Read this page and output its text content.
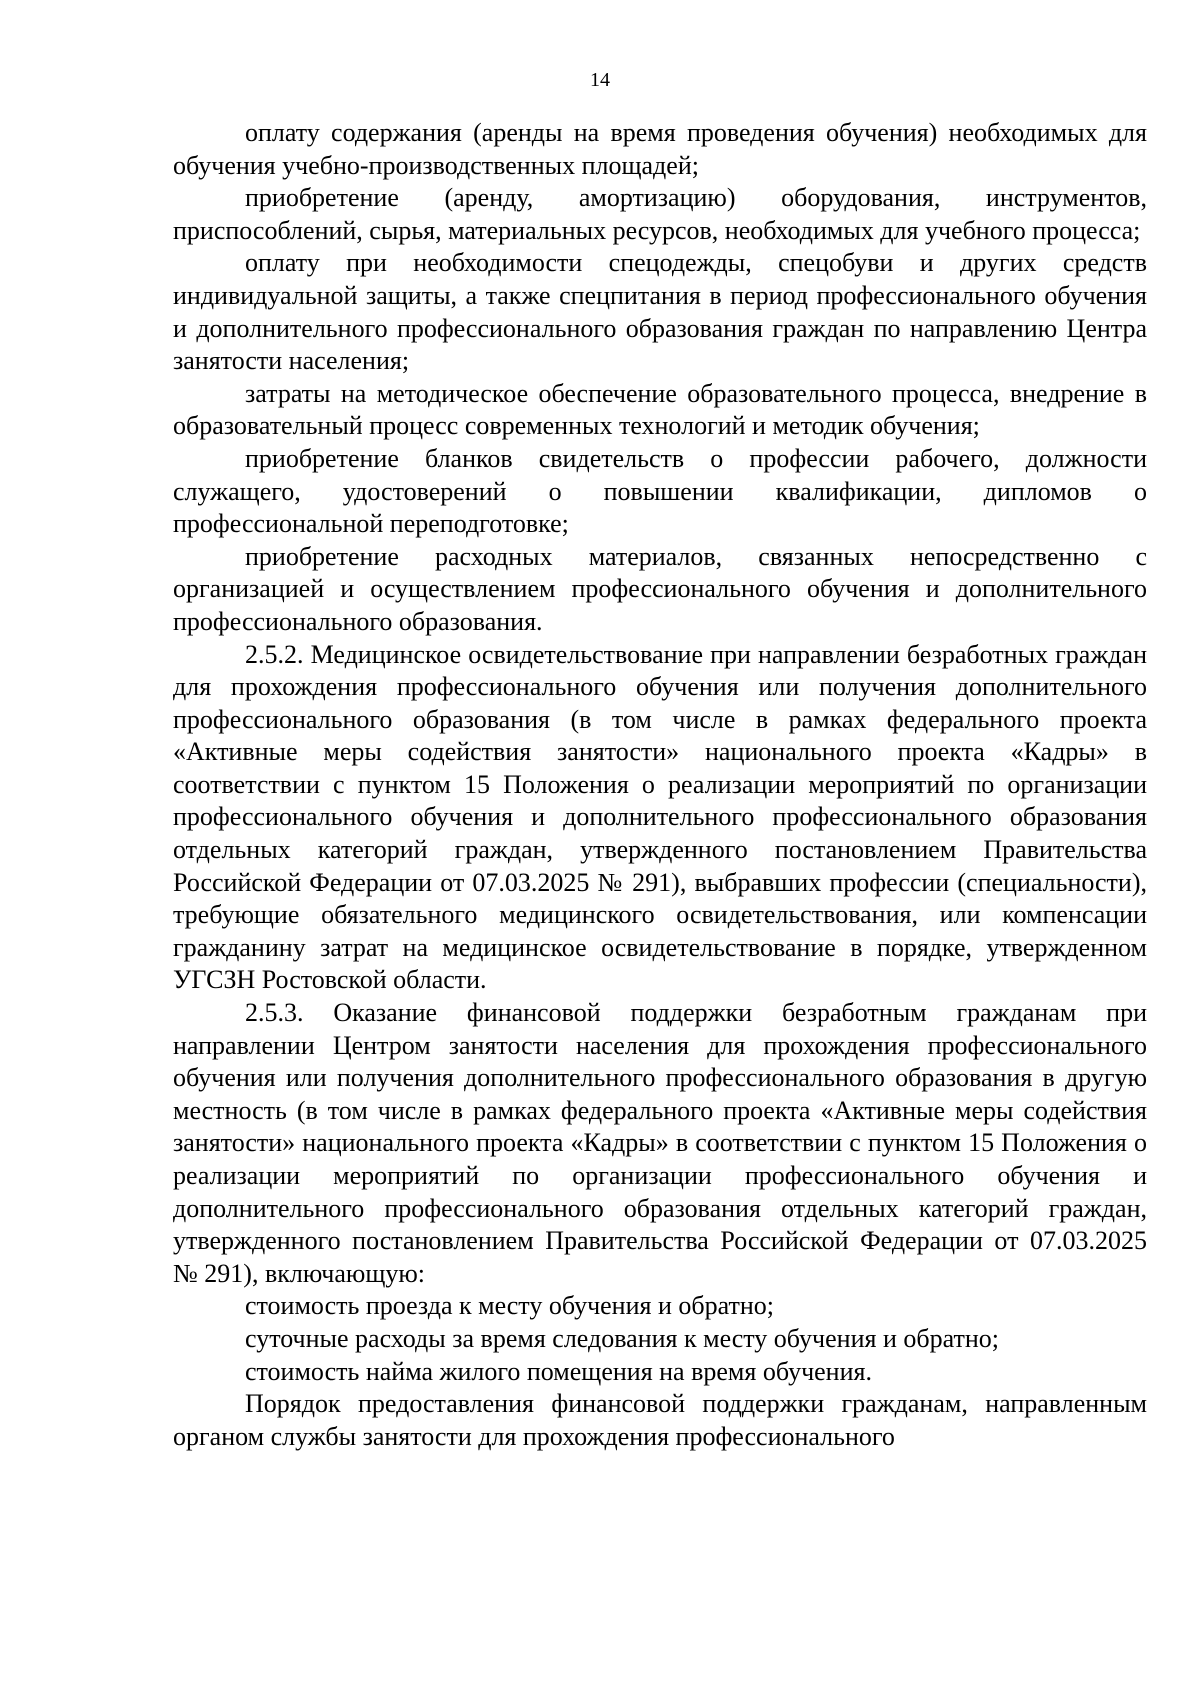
14

оплату содержания (аренды на время проведения обучения) необходимых для обучения учебно-производственных площадей;

приобретение (аренду, амортизацию) оборудования, инструментов, приспособлений, сырья, материальных ресурсов, необходимых для учебного процесса;

оплату при необходимости спецодежды, спецобуви и других средств индивидуальной защиты, а также спецпитания в период профессионального обучения и дополнительного профессионального образования граждан по направлению Центра занятости населения;

затраты на методическое обеспечение образовательного процесса, внедрение в образовательный процесс современных технологий и методик обучения;

приобретение бланков свидетельств о профессии рабочего, должности служащего, удостоверений о повышении квалификации, дипломов о профессиональной переподготовке;

приобретение расходных материалов, связанных непосредственно с организацией и осуществлением профессионального обучения и дополнительного профессионального образования.

2.5.2. Медицинское освидетельствование при направлении безработных граждан для прохождения профессионального обучения или получения дополнительного профессионального образования (в том числе в рамках федерального проекта «Активные меры содействия занятости» национального проекта «Кадры» в соответствии с пунктом 15 Положения о реализации мероприятий по организации профессионального обучения и дополнительного профессионального образования отдельных категорий граждан, утвержденного постановлением Правительства Российской Федерации от 07.03.2025 № 291), выбравших профессии (специальности), требующие обязательного медицинского освидетельствования, или компенсации гражданину затрат на медицинское освидетельствование в порядке, утвержденном УГСЗН Ростовской области.

2.5.3. Оказание финансовой поддержки безработным гражданам при направлении Центром занятости населения для прохождения профессионального обучения или получения дополнительного профессионального образования в другую местность (в том числе в рамках федерального проекта «Активные меры содействия занятости» национального проекта «Кадры» в соответствии с пунктом 15 Положения о реализации мероприятий по организации профессионального обучения и дополнительного профессионального образования отдельных категорий граждан, утвержденного постановлением Правительства Российской Федерации от 07.03.2025 № 291), включающую:

стоимость проезда к месту обучения и обратно;

суточные расходы за время следования к месту обучения и обратно;

стоимость найма жилого помещения на время обучения.

Порядок предоставления финансовой поддержки гражданам, направленным органом службы занятости для прохождения профессионального
